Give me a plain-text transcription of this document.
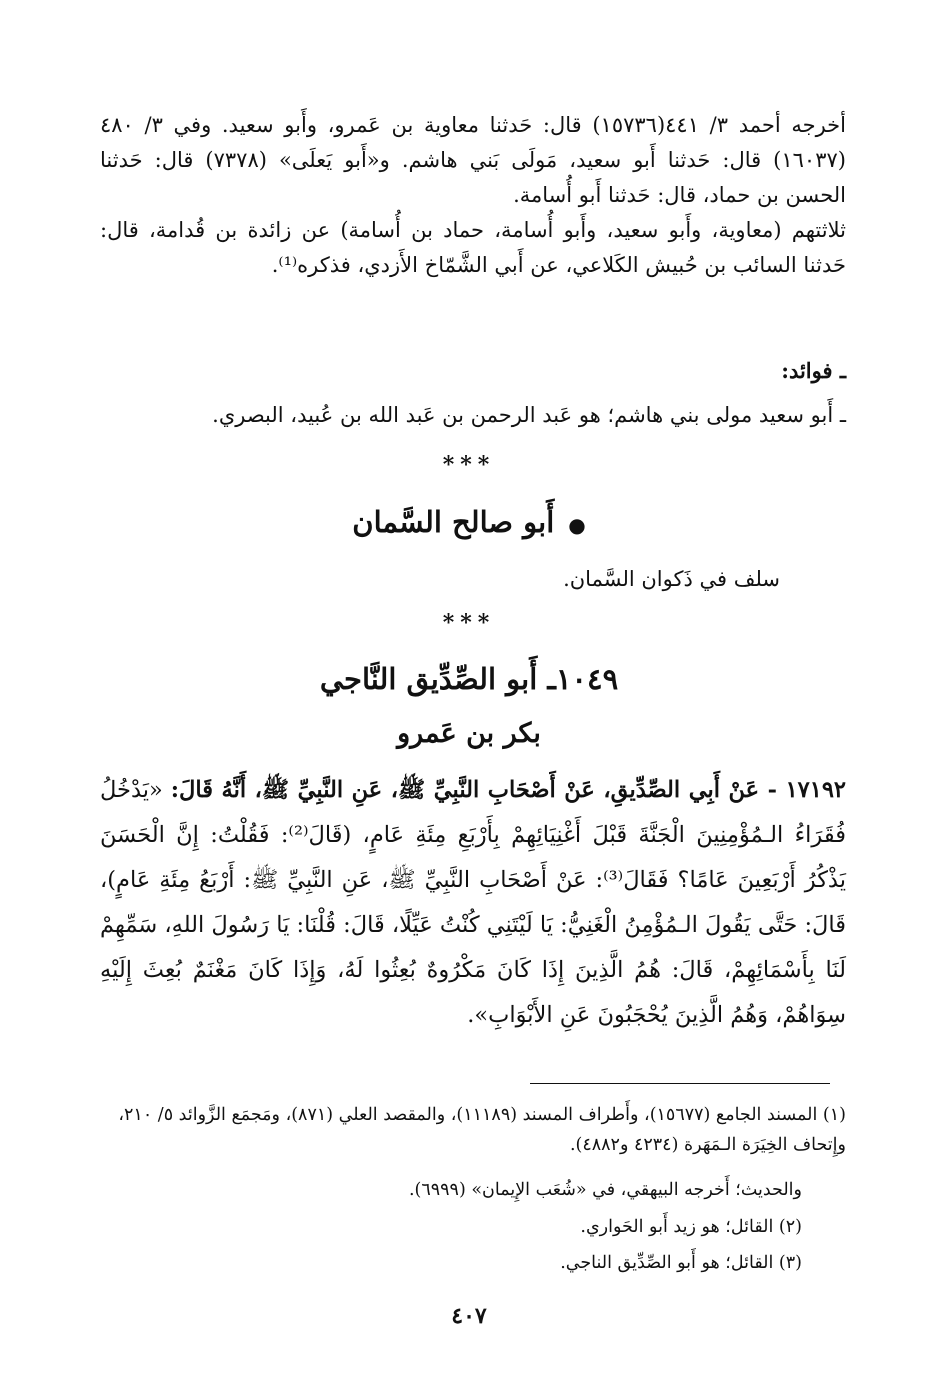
أخرجه أحمد ٣/ ٤٤١(١٥٧٣٦) قال: حَدثنا معاوية بن عَمرو، وأَبو سعيد. وفي ٣/ ٤٨٠ (١٦٠٣٧) قال: حَدثنا أَبو سعيد، مَولَى بَني هاشم. و«أَبو يَعلَى» (٧٣٧٨) قال: حَدثنا الحسن بن حماد، قال: حَدثنا أَبو أُسامة.

ثلاثتهم (معاوية، وأَبو سعيد، وأَبو أُسامة، حماد بن أُسامة) عن زائدة بن قُدامة، قال: حَدثنا السائب بن حُبيش الكَلاعي، عن أَبي الشَّمّاخ الأَزدي، فذكره⁽¹⁾.

ـ فوائد:
ـ أَبو سعيد مولى بني هاشم؛ هو عَبد الرحمن بن عَبد الله بن عُبيد، البصري.
***
●أَبو صالح السَّمان
سلف في ذَكوان السَّمان.
***
١٠٤٩ـ أَبو الصِّدِّيق النَّاجي
بكر بن عَمرو
١٧١٩٢ - عَنْ أَبِي الصِّدِّيقِ، عَنْ أَصْحَابِ النَّبِيِّ ﷺ، عَنِ النَّبِيِّ ﷺ، أَنَّهُ قَالَ: «يَدْخُلُ فُقَرَاءُ الـمُؤْمِنِينَ الْجَنَّةَ قَبْلَ أَغْنِيَائِهِمْ بِأَرْبَعِ مِئَةِ عَامٍ، (قَالَ⁽²⁾: فَقُلْتُ: إِنَّ الْحَسَنَ يَذْكُرُ أَرْبَعِينَ عَامًا؟ فَقَالَ⁽³⁾: عَنْ أَصْحَابِ النَّبِيِّ ﷺ، عَنِ النَّبِيِّ ﷺ: أَرْبَعُ مِئَةِ عَامٍ)، قَالَ: حَتَّى يَقُولَ الـمُؤْمِنُ الْغَنِيُّ: يَا لَيْتَنِي كُنْتُ عَيِّلًا، قَالَ: قُلْنَا: يَا رَسُولَ اللهِ، سَمِّهِمْ لَنَا بِأَسْمَائِهِمْ، قَالَ: هُمُ الَّذِينَ إِذَا كَانَ مَكْرُوهٌ بُعِثُوا لَهُ، وَإِذَا كَانَ مَغْنَمٌ بُعِثَ إِلَيْهِ سِوَاهُمْ، وَهُمُ الَّذِينَ يُحْجَبُونَ عَنِ الأَبْوَابِ».
(١) المسند الجامع (١٥٦٧٧)، وأَطراف المسند (١١١٨٩)، والمقصد العلي (٨٧١)، ومَجمَع الزَّوائد ٥/ ٢١٠، وإِتحاف الخِيَرَة الـمَهَرة (٤٢٣٤ و٤٨٨٢).
والحديث؛ أَخرجه البيهقي، في «شُعَب الإِيمان» (٦٩٩٩).
(٢) القائل؛ هو زيد أَبو الحَواري.
(٣) القائل؛ هو أَبو الصِّدِّيق الناجي.
٤٠٧
